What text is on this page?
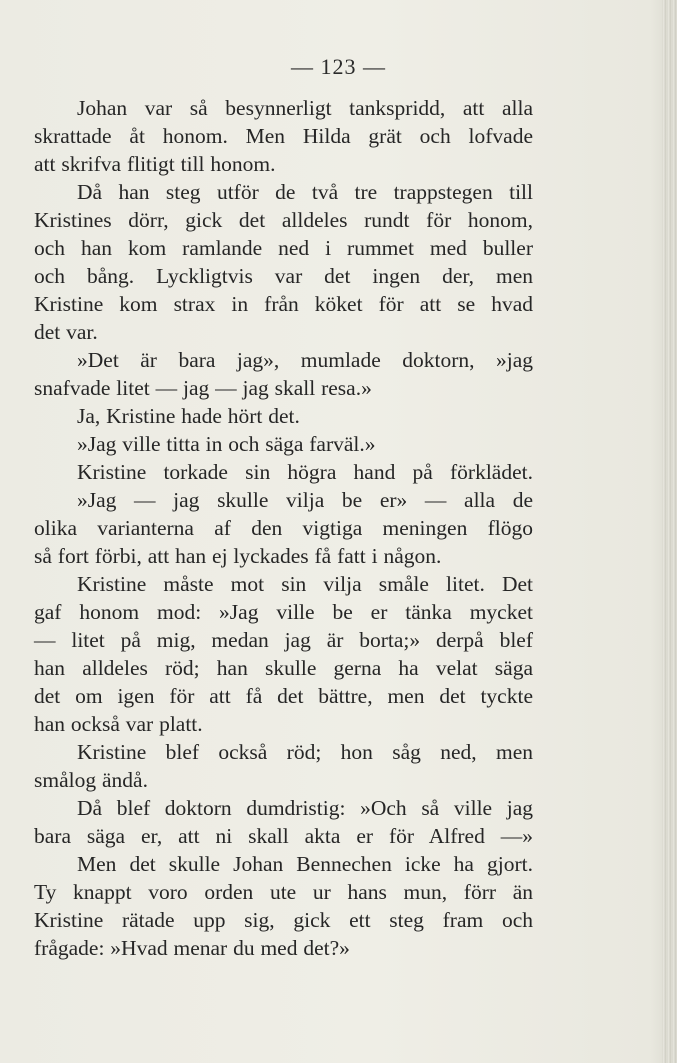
— 123 —
Johan var så besynnerligt tankspridd, att alla
skrattade åt honom. Men Hilda grät och lofvade
att skrifva flitigt till honom.
Då han steg utför de två tre trappstegen till
Kristines dörr, gick det alldeles rundt för honom,
och han kom ramlande ned i rummet med buller
och bång. Lyckligtvis var det ingen der, men
Kristine kom strax in från köket för att se hvad
det var.
»Det är bara jag», mumlade doktorn, »jag
snafvade litet — jag — jag skall resa.»
Ja, Kristine hade hört det.
»Jag ville titta in och säga farväl.»
Kristine torkade sin högra hand på förklädet.
»Jag — jag skulle vilja be er» — alla de
olika varianterna af den vigtiga meningen flögo
så fort förbi, att han ej lyckades få fatt i någon.
Kristine måste mot sin vilja småle litet. Det
gaf honom mod: »Jag ville be er tänka mycket
— litet på mig, medan jag är borta;» derpå blef
han alldeles röd; han skulle gerna ha velat säga
det om igen för att få det bättre, men det tyckte
han också var platt.
Kristine blef också röd; hon såg ned, men
smålog ändå.
Då blef doktorn dumdristig: »Och så ville jag
bara säga er, att ni skall akta er för Alfred —»
Men det skulle Johan Bennechen icke ha gjort.
Ty knappt voro orden ute ur hans mun, förr än
Kristine rätade upp sig, gick ett steg fram och
frågade: »Hvad menar du med det?»
